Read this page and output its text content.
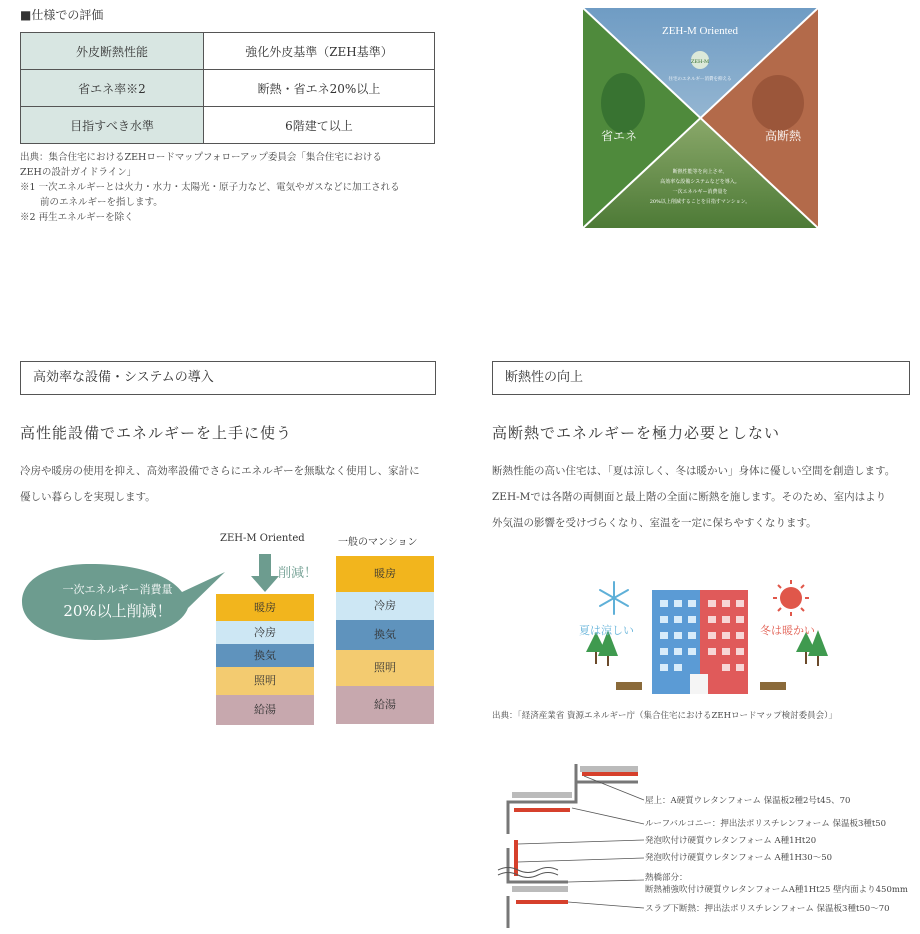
■仕様での評価
外皮断熱性能	強化外皮基準（ZEH基準）
省エネ率※2	断熱・省エネ20%以上
目指すべき水準	6階建て以上
出典：集合住宅におけるZEHロードマップフォローアップ委員会「集合住宅における
ZEHの設計ガイドライン」
※1 一次エネルギーとは火力・水力・太陽光・原子力など、電気やガスなどに加工される
前のエネルギーを指します。
※2 再生エネルギーを除く
ZEH-M Oriented
ZEH-M
住宅のエネルギー消費を抑える
省エネ	高断熱
断熱性能等を向上させ、
高効率な設備システムなどを導入。
一次エネルギー消費量を
20%以上削減することを目指すマンション。
高効率な設備・システムの導入
高性能設備でエネルギーを上手に使う
冷房や暖房の使用を抑え、高効率設備でさらにエネルギーを無駄なく使用し、家計に
優しい暮らしを実現します。
ZEH-M Oriented	一般のマンション
削減！
一次エネルギー消費量
20%以上削減！	暖房
冷房
換気
照明
給湯
暖房
冷房
換気
照明
給湯
断熱性の向上
高断熱でエネルギーを極力必要としない
断熱性能の高い住宅は、「夏は涼しく、冬は暖かい」身体に優しい空間を創造します。
ZEH-Mでは各階の両側面と最上階の全面に断熱を施します。そのため、室内はより
外気温の影響を受けづらくなり、室温を一定に保ちやすくなります。
夏は涼しい	冬は暖かい
出典：「経済産業省 資源エネルギー庁（集合住宅におけるZEHロードマップ検討委員会）」
屋上：A硬質ウレタンフォーム 保温板2種2号t45、70
ルーフバルコニー：押出法ポリスチレンフォーム 保温板3種t50
発泡吹付け硬質ウレタンフォーム A種1Ht20
発泡吹付け硬質ウレタンフォーム A種1H30～50
熱橋部分：
断熱補強吹付け硬質ウレタンフォームA種1Ht25 壁内面より450mm
スラブ下断熱：押出法ポリスチレンフォーム 保温板3種t50～70
